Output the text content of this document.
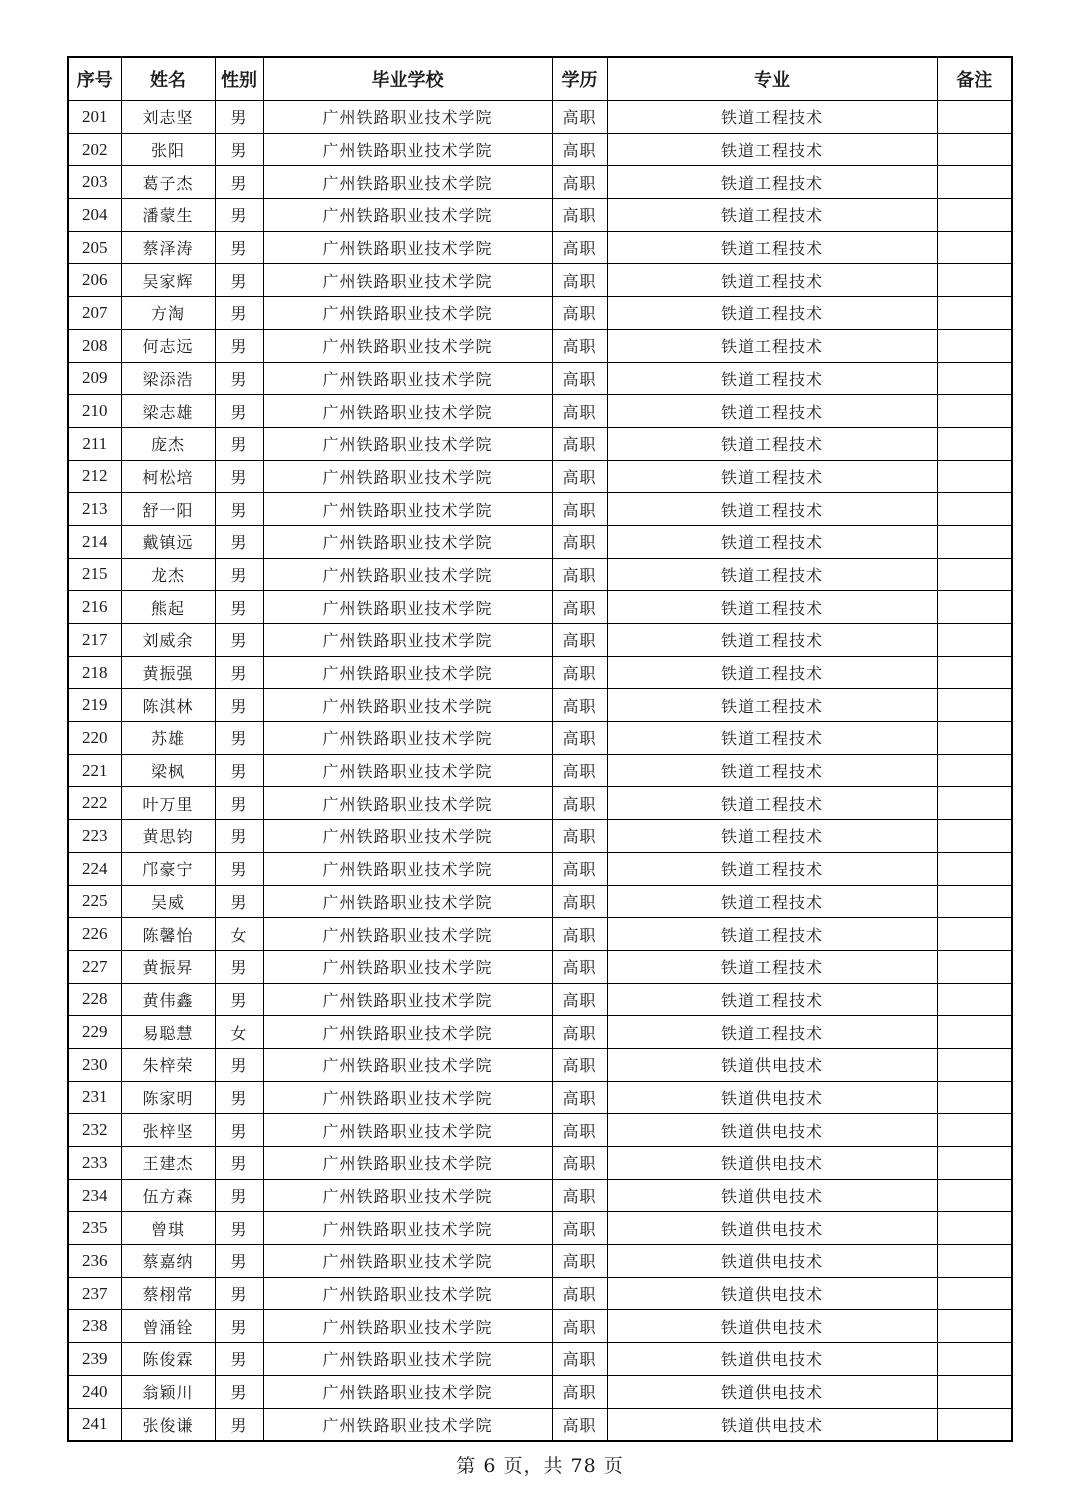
序号	姓名	性别	毕业学校	学历	专业	备注
201	刘志坚	男	广州铁路职业技术学院	高职	铁道工程技术	
202	张阳	男	广州铁路职业技术学院	高职	铁道工程技术	
203	葛子杰	男	广州铁路职业技术学院	高职	铁道工程技术	
204	潘蒙生	男	广州铁路职业技术学院	高职	铁道工程技术	
205	蔡泽涛	男	广州铁路职业技术学院	高职	铁道工程技术	
206	吴家辉	男	广州铁路职业技术学院	高职	铁道工程技术	
207	方淘	男	广州铁路职业技术学院	高职	铁道工程技术	
208	何志远	男	广州铁路职业技术学院	高职	铁道工程技术	
209	梁添浩	男	广州铁路职业技术学院	高职	铁道工程技术	
210	梁志雄	男	广州铁路职业技术学院	高职	铁道工程技术	
211	庞杰	男	广州铁路职业技术学院	高职	铁道工程技术	
212	柯松培	男	广州铁路职业技术学院	高职	铁道工程技术	
213	舒一阳	男	广州铁路职业技术学院	高职	铁道工程技术	
214	戴镇远	男	广州铁路职业技术学院	高职	铁道工程技术	
215	龙杰	男	广州铁路职业技术学院	高职	铁道工程技术	
216	熊起	男	广州铁路职业技术学院	高职	铁道工程技术	
217	刘威余	男	广州铁路职业技术学院	高职	铁道工程技术	
218	黄振强	男	广州铁路职业技术学院	高职	铁道工程技术	
219	陈淇林	男	广州铁路职业技术学院	高职	铁道工程技术	
220	苏雄	男	广州铁路职业技术学院	高职	铁道工程技术	
221	梁枫	男	广州铁路职业技术学院	高职	铁道工程技术	
222	叶万里	男	广州铁路职业技术学院	高职	铁道工程技术	
223	黄思钧	男	广州铁路职业技术学院	高职	铁道工程技术	
224	邝豪宁	男	广州铁路职业技术学院	高职	铁道工程技术	
225	吴威	男	广州铁路职业技术学院	高职	铁道工程技术	
226	陈馨怡	女	广州铁路职业技术学院	高职	铁道工程技术	
227	黄振昇	男	广州铁路职业技术学院	高职	铁道工程技术	
228	黄伟鑫	男	广州铁路职业技术学院	高职	铁道工程技术	
229	易聪慧	女	广州铁路职业技术学院	高职	铁道工程技术	
230	朱梓荣	男	广州铁路职业技术学院	高职	铁道供电技术	
231	陈家明	男	广州铁路职业技术学院	高职	铁道供电技术	
232	张梓坚	男	广州铁路职业技术学院	高职	铁道供电技术	
233	王建杰	男	广州铁路职业技术学院	高职	铁道供电技术	
234	伍方森	男	广州铁路职业技术学院	高职	铁道供电技术	
235	曾琪	男	广州铁路职业技术学院	高职	铁道供电技术	
236	蔡嘉纳	男	广州铁路职业技术学院	高职	铁道供电技术	
237	蔡栩常	男	广州铁路职业技术学院	高职	铁道供电技术	
238	曾涌铨	男	广州铁路职业技术学院	高职	铁道供电技术	
239	陈俊霖	男	广州铁路职业技术学院	高职	铁道供电技术	
240	翁颖川	男	广州铁路职业技术学院	高职	铁道供电技术	
241	张俊谦	男	广州铁路职业技术学院	高职	铁道供电技术	
第 6 页，共 78 页
